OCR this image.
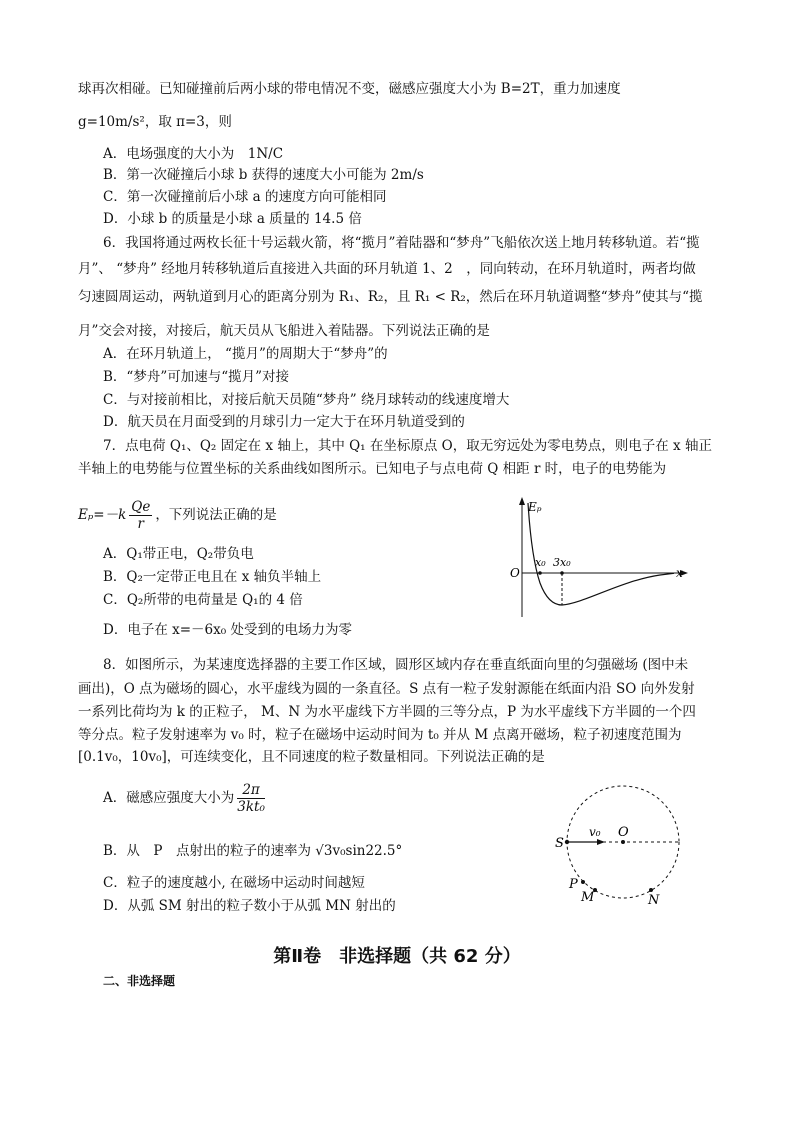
球再次相碰。已知碰撞前后两小球的带电情况不变，磁感应强度大小为 B=2T，重力加速度
g=10m/s²，取 π=3，则
A．电场强度的大小为　1N/C
B．第一次碰撞后小球 b 获得的速度大小可能为 2m/s
C．第一次碰撞前后小球 a 的速度方向可能相同
D．小球 b 的质量是小球 a 质量的 14.5 倍
6．我国将通过两枚长征十号运载火箭，将“揽月”着陆器和“梦舟”飞船依次送上地月转移轨道。若“揽
月”、 “梦舟” 经地月转移轨道后直接进入共面的环月轨道 1、2　，同向转动，在环月轨道时，两者均做
匀速圆周运动，两轨道到月心的距离分别为 R₁、R₂，且 R₁ < R₂，然后在环月轨道调整“梦舟”使其与“揽
月”交会对接，对接后，航天员从飞船进入着陆器。下列说法正确的是
A．在环月轨道上， “揽月”的周期大于“梦舟”的
B．“梦舟”可加速与“揽月”对接
C．与对接前相比，对接后航天员随“梦舟” 绕月球转动的线速度增大
D．航天员在月面受到的月球引力一定大于在环月轨道受到的
7．点电荷 Q₁、Q₂ 固定在 x 轴上，其中 Q₁ 在坐标原点 O，取无穷远处为零电势点，则电子在 x 轴正
半轴上的电势能与位置坐标的关系曲线如图所示。已知电子与点电荷 Q 相距 r 时，电子的电势能为
$E_p=-k \frac{Qe}{r}$ ，下列说法正确的是
A．Q₁带正电，Q₂带负电
B．Q₂一定带正电且在 x 轴负半轴上
C．Q₂所带的电荷量是 Q₁的 4 倍
D．电子在 x=－6x₀ 处受到的电场力为零
Eₚ
O	x
x₀ 3x₀
8．如图所示，为某速度选择器的主要工作区域，圆形区域内存在垂直纸面向里的匀强磁场 (图中未
画出)，O 点为磁场的圆心，水平虚线为圆的一条直径。S 点有一粒子发射源能在纸面内沿 SO 向外发射
一系列比荷均为 k 的正粒子， M、N 为水平虚线下方半圆的三等分点，P 为水平虚线下方半圆的一个四
等分点。粒子发射速率为 v₀ 时，粒子在磁场中运动时间为 t₀ 并从 M 点离开磁场，粒子初速度范围为
[0.1v₀，10v₀]，可连续变化，且不同速度的粒子数量相同。下列说法正确的是
A．磁感应强度大小为 $\frac{2\pi}{\text{3kt₀}}$
B．从　P　点射出的粒子的速率为 √3v₀sin22.5°
C．粒子的速度越小, 在磁场中运动时间越短
D．从弧 SM 射出的粒子数小于从弧 MN 射出的
S
O
v₀
P
M	N
第Ⅱ卷　非选择题（共 62 分）
二、非选择题
